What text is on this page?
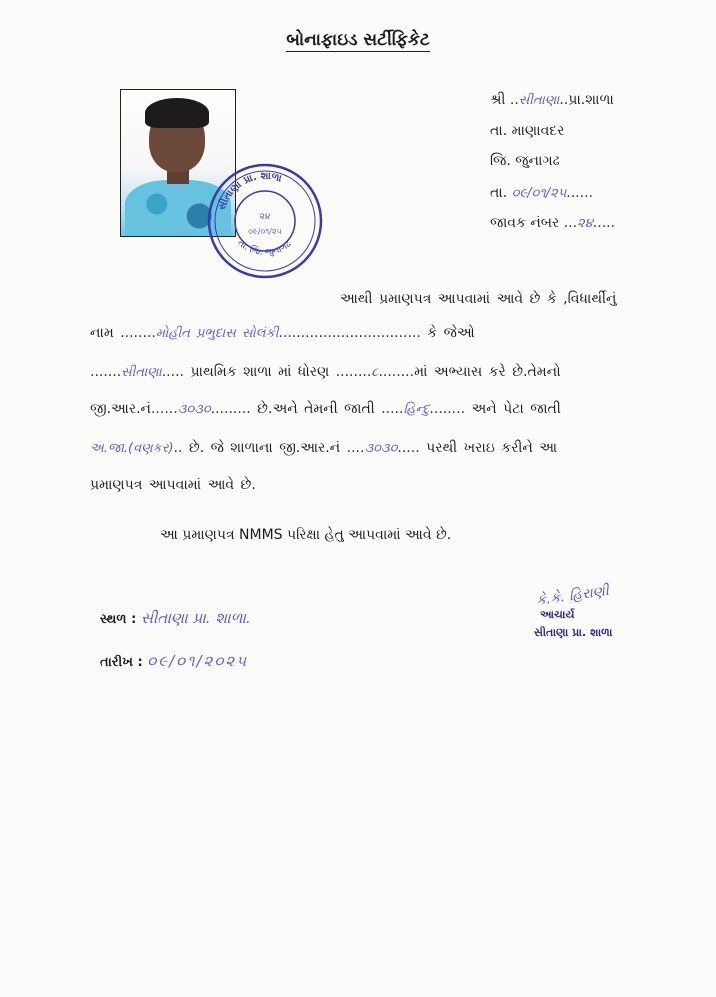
બોનાફાઇડ સર્ટીફિકેટ
સીતાણા પ્રા. શાળા
તા. જિ. જુનાગઢ
૨૪
૦૯/૦૧/૨૫
શ્રી ..સીતાણા..પ્રા.શાળા
તા. માણાવદર
જિ. જુનાગઢ
તા. ૦૯/૦૧/૨૫......
જાવક નંબર ...૨૪.....
આથી પ્રમાણપત્ર આપવામાં આવે છે કે ,વિધાર્થીનું
નામ ........મોહીત પ્રભુદાસ સોલંકી................................ કે જેઓ
.......સીતાણા..... પ્રાથમિક શાળા માં ધોરણ ........૮........માં અભ્યાસ કરે છે.તેમનો
જી.આર.નં......૩૦૩૦......... છે.અને તેમની જાતી .....હિન્દુ........ અને પેટા જાતી
અ.જા.(વણકર).. છે. જે શાળાના જી.આર.નં ....૩૦૩૦..... પરથી ખરાઇ કરીને આ
પ્રમાણપત્ર આપવામાં આવે છે.
આ પ્રમાણપત્ર NMMS પરિક્ષા હેતુ આપવામાં આવે છે.
સ્થળ : સીતાણા પ્રા. શાળા.
તારીખ : ૦૯/૦૧/૨૦૨૫
કે.કે. હિરાણી
આચાર્ય
સીતાણા પ્રા. શાળા
